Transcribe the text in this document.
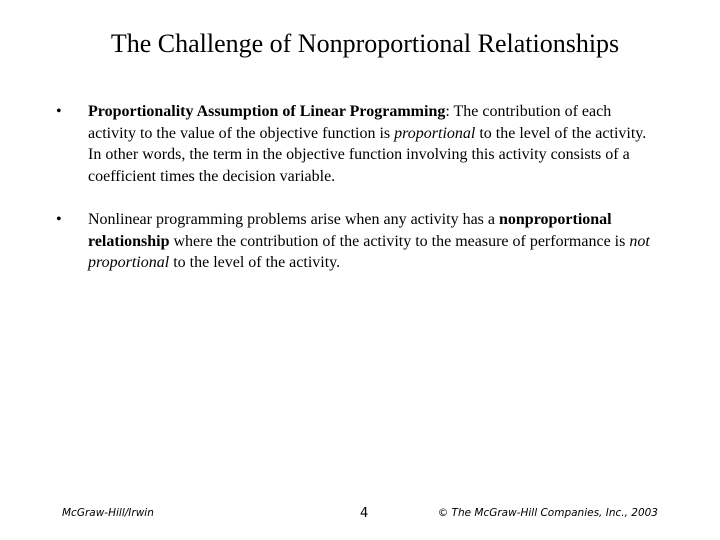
The Challenge of Nonproportional Relationships
• Proportionality Assumption of Linear Programming: The contribution of each activity to the value of the objective function is proportional to the level of the activity. In other words, the term in the objective function involving this activity consists of a coefficient times the decision variable.
• Nonlinear programming problems arise when any activity has a nonproportional relationship where the contribution of the activity to the measure of performance is not proportional to the level of the activity.
McGraw-Hill/Irwin	4	© The McGraw-Hill Companies, Inc., 2003
